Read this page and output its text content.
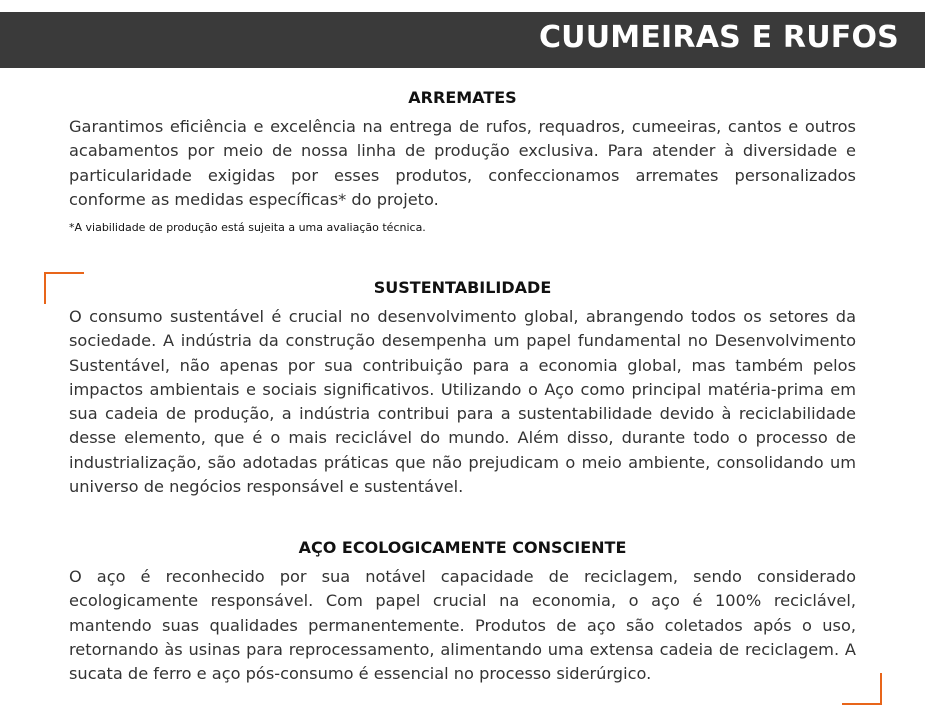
CUUMEIRAS E RUFOS
ARREMATES

Garantimos eficiência e excelência na entrega de rufos, requadros, cumeeiras, cantos e outros acabamentos por meio de nossa linha de produção exclusiva. Para atender à diversidade e particularidade exigidas por esses produtos, confeccionamos arremates personalizados conforme as medidas específicas* do projeto.

*A viabilidade de produção está sujeita a uma avaliação técnica.

SUSTENTABILIDADE

O consumo sustentável é crucial no desenvolvimento global, abrangendo todos os setores da sociedade. A indústria da construção desempenha um papel fundamental no Desenvolvimento Sustentável, não apenas por sua contribuição para a economia global, mas também pelos impactos ambientais e sociais significativos. Utilizando o Aço como principal matéria-prima em sua cadeia de produção, a indústria contribui para a sustentabilidade devido à reciclabilidade desse elemento, que é o mais reciclável do mundo. Além disso, durante todo o processo de industrialização, são adotadas práticas que não prejudicam o meio ambiente, consolidando um universo de negócios responsável e sustentável.

AÇO ECOLOGICAMENTE CONSCIENTE

O aço é reconhecido por sua notável capacidade de reciclagem, sendo considerado ecologicamente responsável. Com papel crucial na economia, o aço é 100% reciclável, mantendo suas qualidades permanentemente. Produtos de aço são coletados após o uso, retornando às usinas para reprocessamento, alimentando uma extensa cadeia de reciclagem. A sucata de ferro e aço pós-consumo é essencial no processo siderúrgico.
